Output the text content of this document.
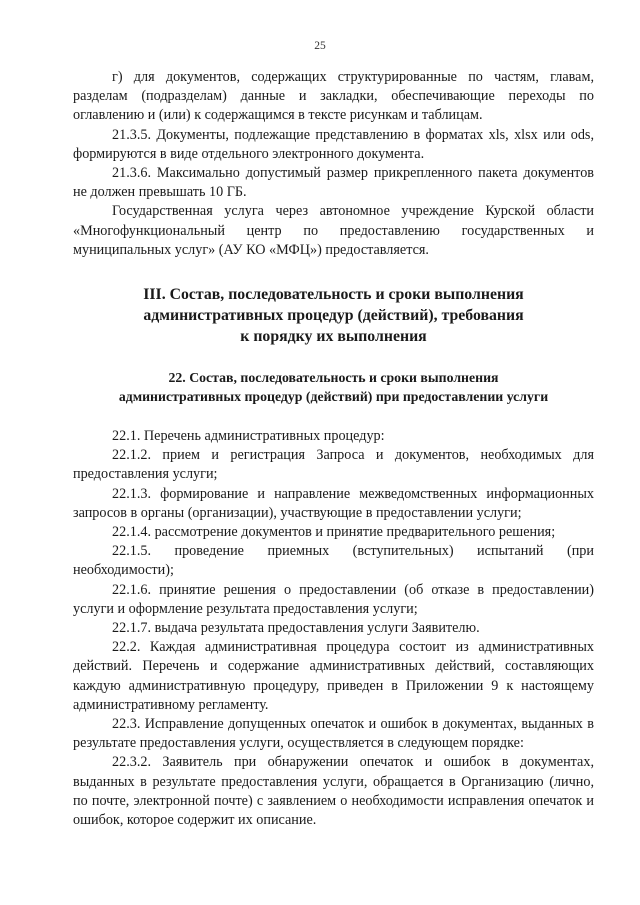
25

г) для документов, содержащих структурированные по частям, главам, разделам (подразделам) данные и закладки, обеспечивающие переходы по оглавлению и (или) к содержащимся в тексте рисункам и таблицам.

21.3.5. Документы, подлежащие представлению в форматах xls, xlsx или ods, формируются в виде отдельного электронного документа.

21.3.6. Максимально допустимый размер прикрепленного пакета документов не должен превышать 10 ГБ.

Государственная услуга через автономное учреждение Курской области «Многофункциональный центр по предоставлению государственных и муниципальных услуг» (АУ КО «МФЦ») предоставляется.

III. Состав, последовательность и сроки выполнения
административных процедур (действий), требования
к порядку их выполнения
22. Состав, последовательность и сроки выполнения
административных процедур (действий) при предоставлении услуги

22.1. Перечень административных процедур:

22.1.2. прием и регистрация Запроса и документов, необходимых для предоставления услуги;

22.1.3. формирование и направление межведомственных информационных запросов в органы (организации), участвующие в предоставлении услуги;

22.1.4. рассмотрение документов и принятие предварительного решения;

22.1.5. проведение приемных (вступительных) испытаний (при необходимости);

22.1.6. принятие решения о предоставлении (об отказе в предоставлении) услуги и оформление результата предоставления услуги;

22.1.7. выдача результата предоставления услуги Заявителю.

22.2. Каждая административная процедура состоит из административных действий. Перечень и содержание административных действий, составляющих каждую административную процедуру, приведен в Приложении 9 к настоящему административному регламенту.

22.3. Исправление допущенных опечаток и ошибок в документах, выданных в результате предоставления услуги, осуществляется в следующем порядке:

22.3.2. Заявитель при обнаружении опечаток и ошибок в документах, выданных в результате предоставления услуги, обращается в Организацию (лично, по почте, электронной почте) с заявлением о необходимости исправления опечаток и ошибок, которое содержит их описание.
